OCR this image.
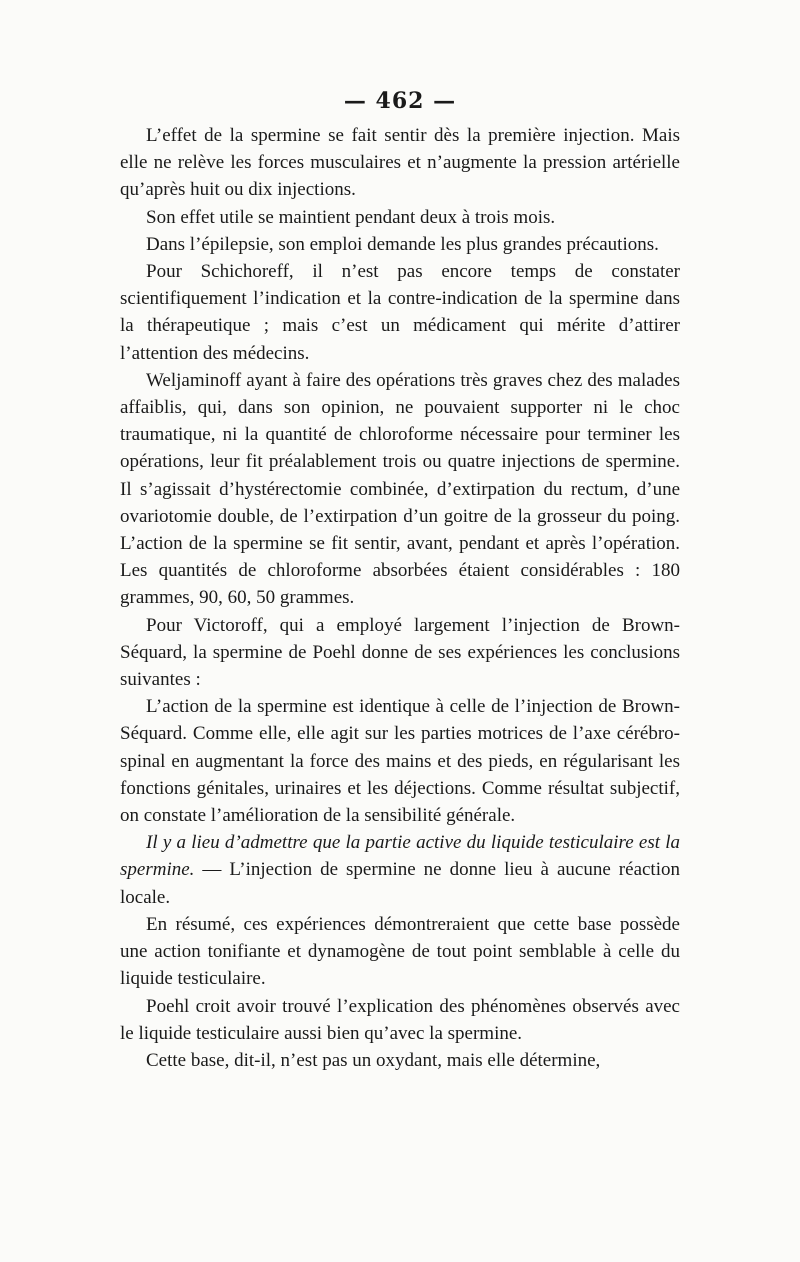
— 462 —

L’effet de la spermine se fait sentir dès la première injection. Mais elle ne relève les forces musculaires et n’augmente la pression artérielle qu’après huit ou dix injections.

Son effet utile se maintient pendant deux à trois mois.

Dans l’épilepsie, son emploi demande les plus grandes précautions.

Pour Schichoreff, il n’est pas encore temps de constater scientifiquement l’indication et la contre-indication de la spermine dans la thérapeutique ; mais c’est un médicament qui mérite d’attirer l’attention des médecins.

Weljaminoff ayant à faire des opérations très graves chez des malades affaiblis, qui, dans son opinion, ne pouvaient supporter ni le choc traumatique, ni la quantité de chloroforme nécessaire pour terminer les opérations, leur fit préalablement trois ou quatre injections de spermine. Il s’agissait d’hystérectomie combinée, d’extirpation du rectum, d’une ovariotomie double, de l’extirpation d’un goitre de la grosseur du poing. L’action de la spermine se fit sentir, avant, pendant et après l’opération. Les quantités de chloroforme absorbées étaient considérables : 180 grammes, 90, 60, 50 grammes.

Pour Victoroff, qui a employé largement l’injection de Brown-Séquard, la spermine de Poehl donne de ses expériences les conclusions suivantes :

L’action de la spermine est identique à celle de l’injection de Brown-Séquard. Comme elle, elle agit sur les parties motrices de l’axe cérébro-spinal en augmentant la force des mains et des pieds, en régularisant les fonctions génitales, urinaires et les déjections. Comme résultat subjectif, on constate l’amélioration de la sensibilité générale.

Il y a lieu d’admettre que la partie active du liquide testiculaire est la spermine. — L’injection de spermine ne donne lieu à aucune réaction locale.

En résumé, ces expériences démontreraient que cette base possède une action tonifiante et dynamogène de tout point semblable à celle du liquide testiculaire.

Poehl croit avoir trouvé l’explication des phénomènes observés avec le liquide testiculaire aussi bien qu’avec la spermine.

Cette base, dit-il, n’est pas un oxydant, mais elle détermine,
